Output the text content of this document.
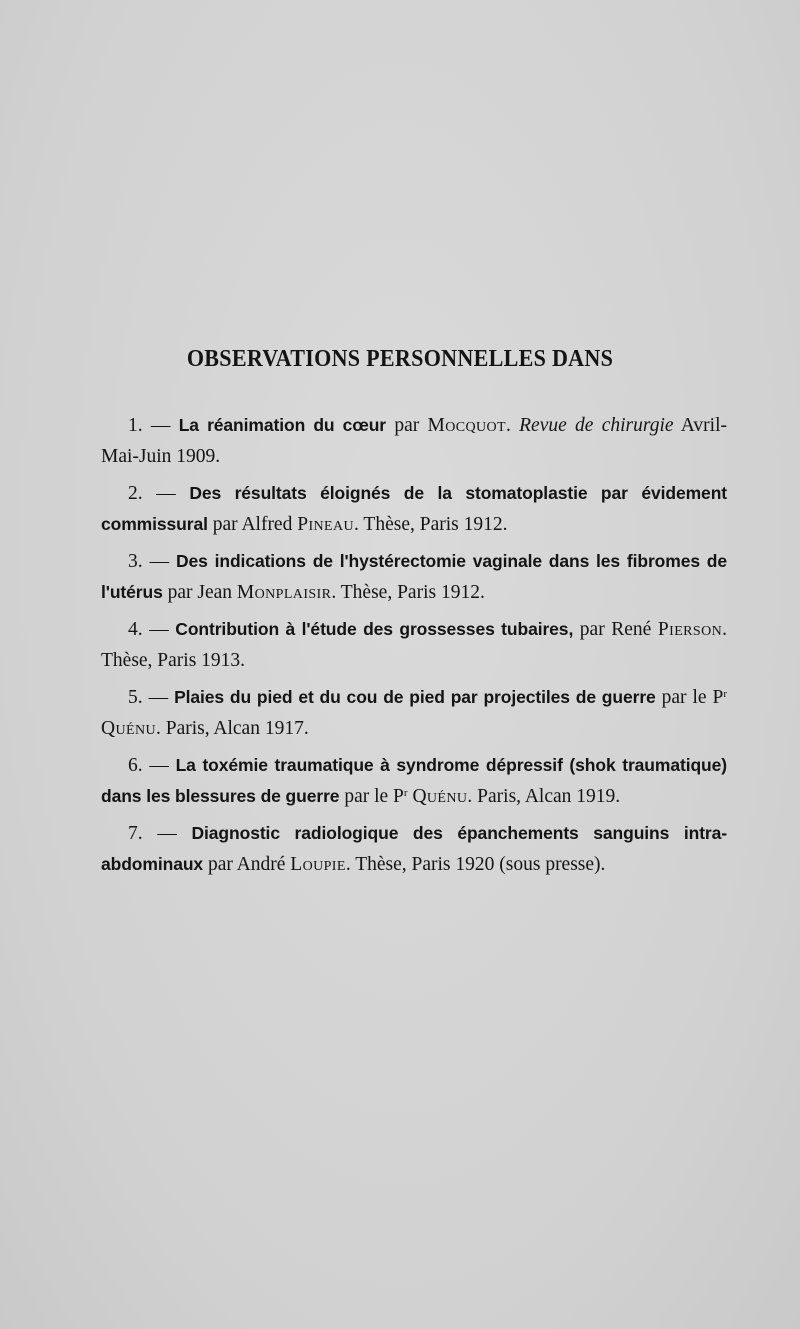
OBSERVATIONS PERSONNELLES DANS
1. — La réanimation du cœur par Mocquot. Revue de chirurgie Avril-Mai-Juin 1909.
2. — Des résultats éloignés de la stomatoplastie par évidement commissural par Alfred Pineau. Thèse, Paris 1912.
3. — Des indications de l'hystérectomie vaginale dans les fibromes de l'utérus par Jean Monplaisir. Thèse, Paris 1912.
4. — Contribution à l'étude des grossesses tubaires, par René Pierson. Thèse, Paris 1913.
5. — Plaies du pied et du cou de pied par projectiles de guerre par le $P^r$ Quénu. Paris, Alcan 1917.
6. — La toxémie traumatique à syndrome dépressif (shok traumatique) dans les blessures de guerre par le $P^r$ Quénu. Paris, Alcan 1919.
7. — Diagnostic radiologique des épanchements sanguins intra-abdominaux par André Loupie. Thèse, Paris 1920 (sous presse).
